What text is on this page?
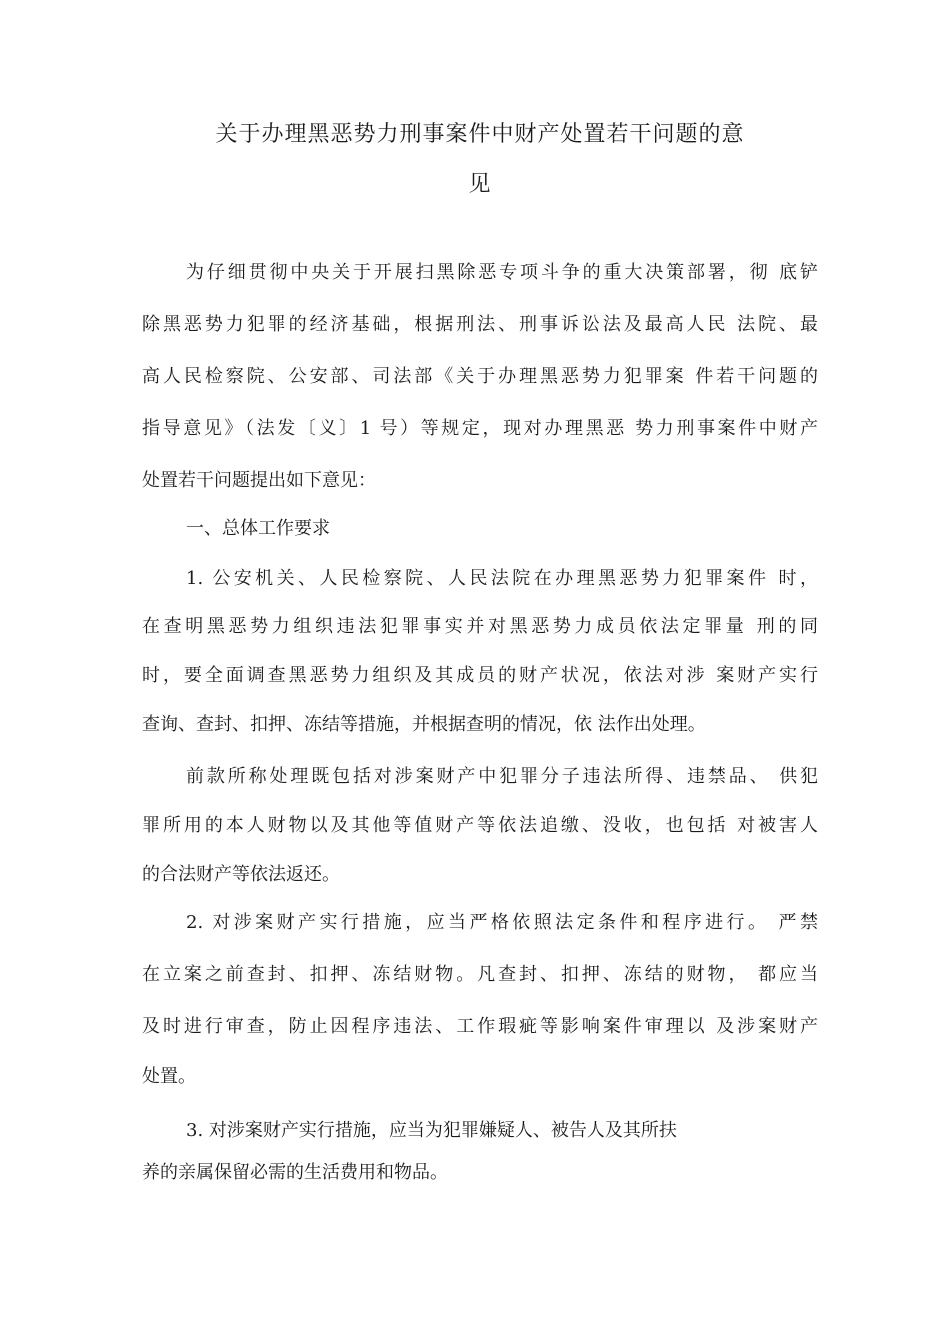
关于办理黑恶势力刑事案件中财产处置若干问题的意
见

为仔细贯彻中央关于开展扫黑除恶专项斗争的重大决策部署，彻 底铲

除黑恶势力犯罪的经济基础，根据刑法、刑事诉讼法及最高人民 法院、最

高人民检察院、公安部、司法部《关于办理黑恶势力犯罪案 件若干问题的

指导意见》（法发〔义〕1 号）等规定，现对办理黑恶 势力刑事案件中财产

处置若干问题提出如下意见：

一、总体工作要求

1. 公安机关、人民检察院、人民法院在办理黑恶势力犯罪案件 时，

在查明黑恶势力组织违法犯罪事实并对黑恶势力成员依法定罪量 刑的同

时，要全面调查黑恶势力组织及其成员的财产状况，依法对涉 案财产实行

查询、查封、扣押、冻结等措施，并根据查明的情况，依 法作出处理。

前款所称处理既包括对涉案财产中犯罪分子违法所得、违禁品、 供犯

罪所用的本人财物以及其他等值财产等依法追缴、没收，也包括 对被害人

的合法财产等依法返还。

2. 对涉案财产实行措施，应当严格依照法定条件和程序进行。 严禁

在立案之前查封、扣押、冻结财物。凡查封、扣押、冻结的财物， 都应当

及时进行审查，防止因程序违法、工作瑕疵等影响案件审理以 及涉案财产

处置。

3. 对涉案财产实行措施，应当为犯罪嫌疑人、被告人及其所扶

养的亲属保留必需的生活费用和物品。
